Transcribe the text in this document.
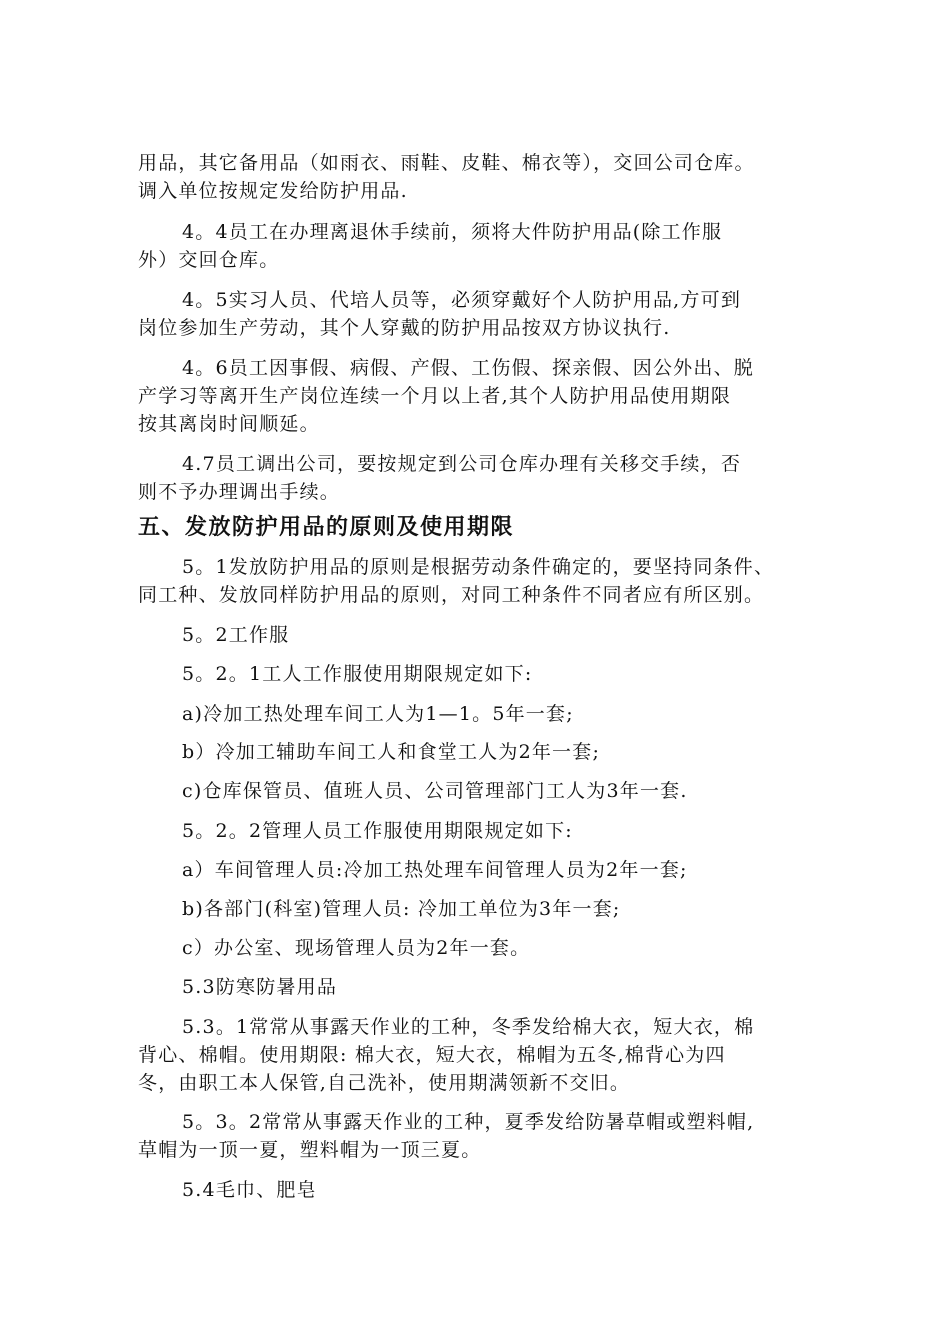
用品，其它备用品（如雨衣、雨鞋、皮鞋、棉衣等），交回公司仓库。
调入单位按规定发给防护用品.
4。4员工在办理离退休手续前，须将大件防护用品(除工作服
外）交回仓库。
4。5实习人员、代培人员等，必须穿戴好个人防护用品,方可到
岗位参加生产劳动，其个人穿戴的防护用品按双方协议执行.
4。6员工因事假、病假、产假、工伤假、探亲假、因公外出、脱
产学习等离开生产岗位连续一个月以上者,其个人防护用品使用期限
按其离岗时间顺延。
4.7员工调出公司，要按规定到公司仓库办理有关移交手续，否
则不予办理调出手续。
五、发放防护用品的原则及使用期限
5。1发放防护用品的原则是根据劳动条件确定的，要坚持同条件、
同工种、发放同样防护用品的原则，对同工种条件不同者应有所区别。
5。2工作服
5。2。1工人工作服使用期限规定如下:
a)冷加工热处理车间工人为1—1。5年一套;
b）冷加工辅助车间工人和食堂工人为2年一套;
c)仓库保管员、值班人员、公司管理部门工人为3年一套.
5。2。2管理人员工作服使用期限规定如下:
a）车间管理人员:冷加工热处理车间管理人员为2年一套;
b)各部门(科室)管理人员: 冷加工单位为3年一套;
c）办公室、现场管理人员为2年一套。
5.3防寒防暑用品
5.3。1常常从事露天作业的工种，冬季发给棉大衣，短大衣，棉
背心、棉帽。使用期限: 棉大衣，短大衣，棉帽为五冬,棉背心为四
冬，由职工本人保管,自己洗补，使用期满领新不交旧。
5。3。2常常从事露天作业的工种，夏季发给防暑草帽或塑料帽,
草帽为一顶一夏，塑料帽为一顶三夏。
5.4毛巾、肥皂
